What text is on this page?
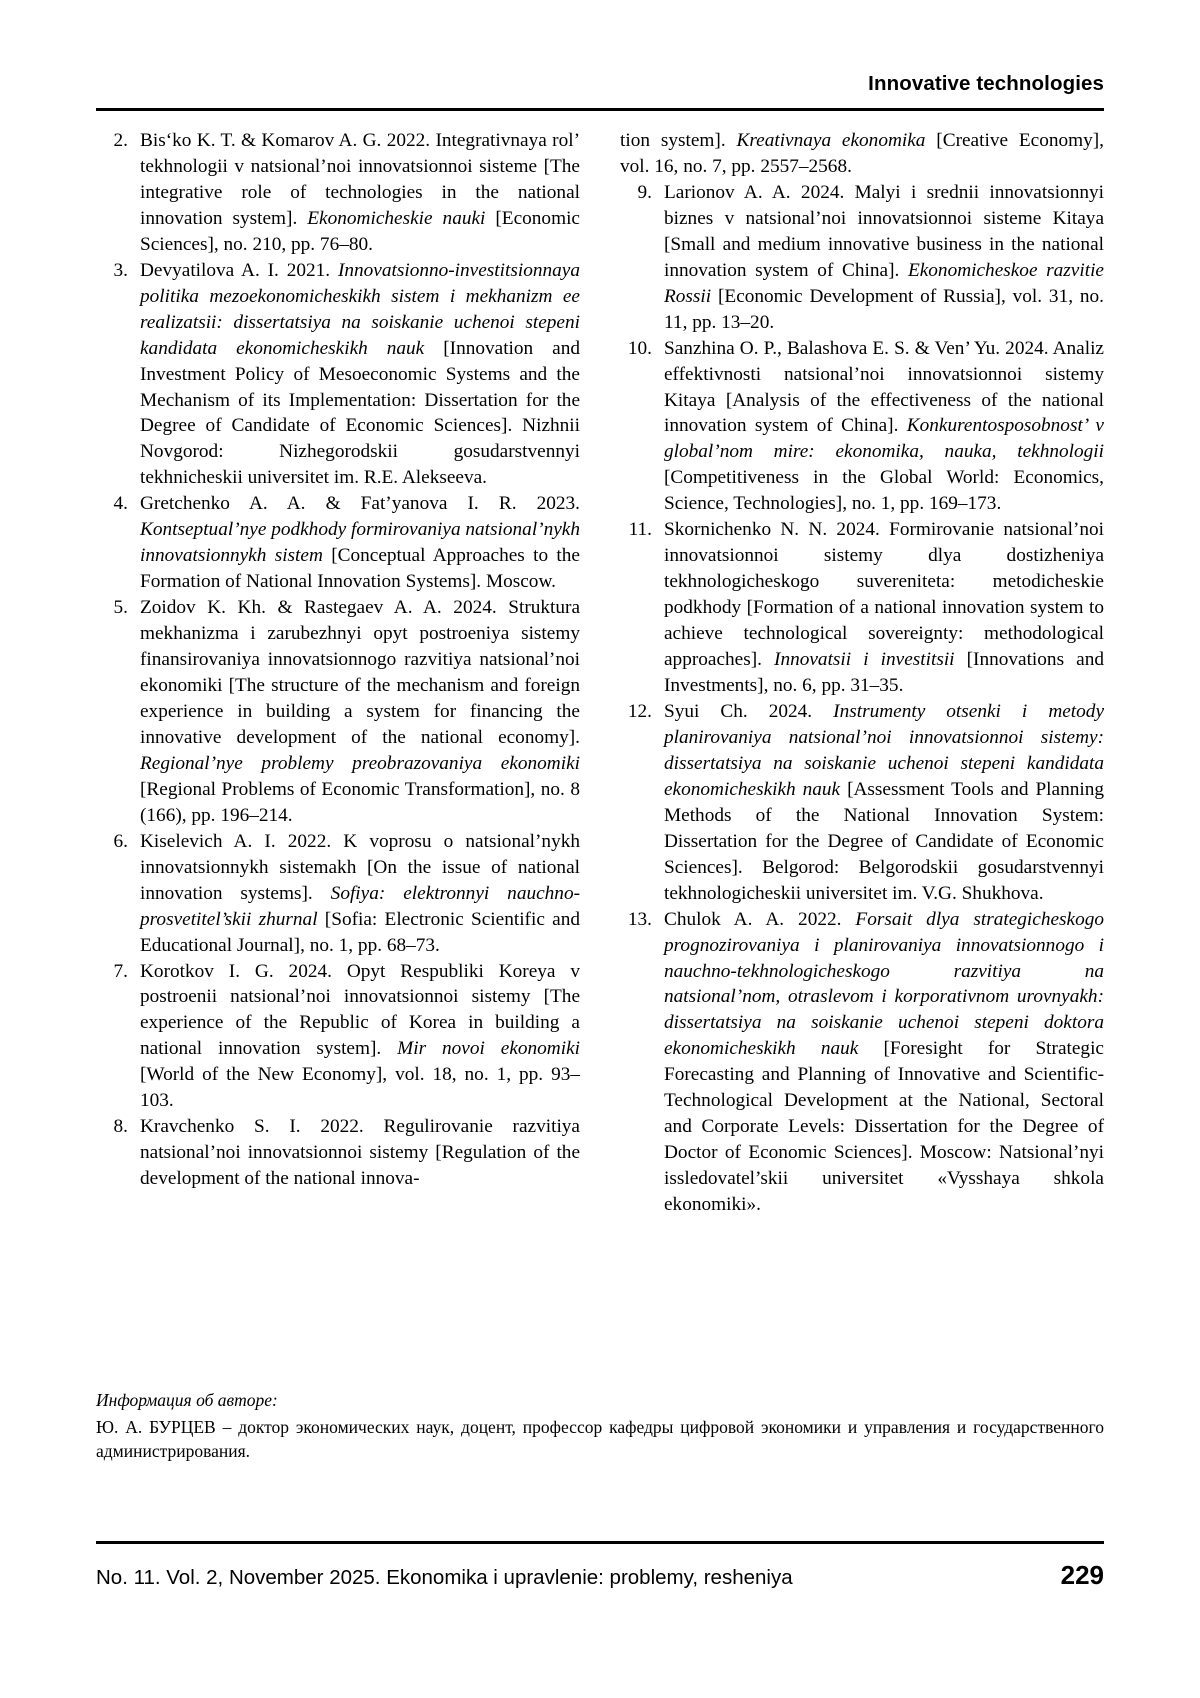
Innovative technologies
2. Bis‘ko K. T. & Komarov A. G. 2022. Integrativnaya rol’ tekhnologii v natsional’noi innovatsionnoi sisteme [The integrative role of technologies in the national innovation system]. Ekonomicheskie nauki [Economic Sciences], no. 210, pp. 76–80.
3. Devyatilova A. I. 2021. Innovatsionno-investitsionnaya politika mezoekonomicheskikh sistem i mekhanizm ee realizatsii: dissertatsiya na soiskanie uchenoi stepeni kandidata ekonomicheskikh nauk [Innovation and Investment Policy of Mesoeconomic Systems and the Mechanism of its Implementation: Dissertation for the Degree of Candidate of Economic Sciences]. Nizhnii Novgorod: Nizhegorodskii gosudarstvennyi tekhnicheskii universitet im. R.E. Alekseeva.
4. Gretchenko A. A. & Fat’yanova I. R. 2023. Kontseptual’nye podkhody formirovaniya natsional’nykh innovatsionnykh sistem [Conceptual Approaches to the Formation of National Innovation Systems]. Moscow.
5. Zoidov K. Kh. & Rastegaev A. A. 2024. Struktura mekhanizma i zarubezhnyi opyt postroeniya sistemy finansirovaniya innovatsionnogo razvitiya natsional’noi ekonomiki [The structure of the mechanism and foreign experience in building a system for financing the innovative development of the national economy]. Regional’nye problemy preobrazovaniya ekonomiki [Regional Problems of Economic Transformation], no. 8 (166), pp. 196–214.
6. Kiselevich A. I. 2022. K voprosu o natsional’nykh innovatsionnykh sistemakh [On the issue of national innovation systems]. Sofiya: elektronnyi nauchno-prosvetitel’skii zhurnal [Sofia: Electronic Scientific and Educational Journal], no. 1, pp. 68–73.
7. Korotkov I. G. 2024. Opyt Respubliki Koreya v postroenii natsional’noi innovatsionnoi sistemy [The experience of the Republic of Korea in building a national innovation system]. Mir novoi ekonomiki [World of the New Economy], vol. 18, no. 1, pp. 93–103.
8. Kravchenko S. I. 2022. Regulirovanie razvitiya natsional’noi innovatsionnoi sistemy [Regulation of the development of the national innova-
tion system]. Kreativnaya ekonomika [Creative Economy], vol. 16, no. 7, pp. 2557–2568.
9. Larionov A. A. 2024. Malyi i srednii innovatsionnyi biznes v natsional’noi innovatsionnoi sisteme Kitaya [Small and medium innovative business in the national innovation system of China]. Ekonomicheskoe razvitie Rossii [Economic Development of Russia], vol. 31, no. 11, pp. 13–20.
10. Sanzhina O. P., Balashova E. S. & Ven’ Yu. 2024. Analiz effektivnosti natsional’noi innovatsionnoi sistemy Kitaya [Analysis of the effectiveness of the national innovation system of China]. Konkurentosposobnost’ v global’nom mire: ekonomika, nauka, tekhnologii [Competitiveness in the Global World: Economics, Science, Technologies], no. 1, pp. 169–173.
11. Skornichenko N. N. 2024. Formirovanie natsional’noi innovatsionnoi sistemy dlya dostizheniya tekhnologicheskogo suvereniteta: metodicheskie podkhody [Formation of a national innovation system to achieve technological sovereignty: methodological approaches]. Innovatsii i investitsii [Innovations and Investments], no. 6, pp. 31–35.
12. Syui Ch. 2024. Instrumenty otsenki i metody planirovaniya natsional’noi innovatsionnoi sistemy: dissertatsiya na soiskanie uchenoi stepeni kandidata ekonomicheskikh nauk [Assessment Tools and Planning Methods of the National Innovation System: Dissertation for the Degree of Candidate of Economic Sciences]. Belgorod: Belgorodskii gosudarstvennyi tekhnologicheskii universitet im. V.G. Shukhova.
13. Chulok A. A. 2022. Forsait dlya strategicheskogo prognozirovaniya i planirovaniya innovatsionnogo i nauchno-tekhnologicheskogo razvitiya na natsional’nom, otraslevom i korporativnom urovnyakh: dissertatsiya na soiskanie uchenoi stepeni doktora ekonomicheskikh nauk [Foresight for Strategic Forecasting and Planning of Innovative and Scientific-Technological Development at the National, Sectoral and Corporate Levels: Dissertation for the Degree of Doctor of Economic Sciences]. Moscow: Natsional’nyi issledovatel’skii universitet «Vysshaya shkola ekonomiki».
Информация об авторе:
Ю. А. БУРЦЕВ – доктор экономических наук, доцент, профессор кафедры цифровой экономики и управления и государственного администрирования.
No. 11. Vol. 2, November 2025. Ekonomika i upravlenie: problemy, resheniya	229
